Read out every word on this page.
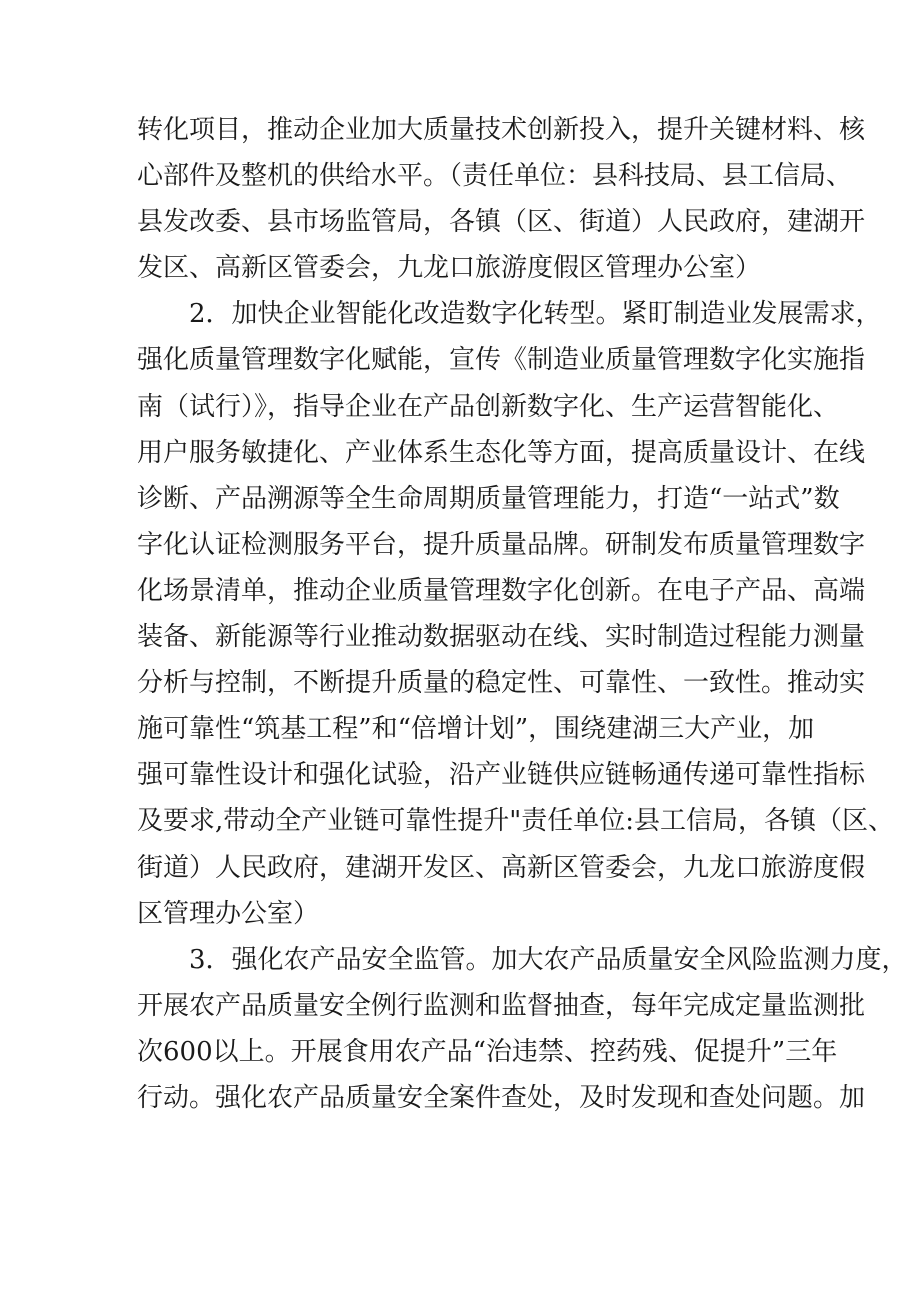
转化项目，推动企业加大质量技术创新投入，提升关键材料、核
心部件及整机的供给水平。（责任单位：县科技局、县工信局、
县发改委、县市场监管局，各镇（区、街道）人民政府，建湖开
发区、高新区管委会，九龙口旅游度假区管理办公室）
2．加快企业智能化改造数字化转型。紧盯制造业发展需求，
强化质量管理数字化赋能，宣传《制造业质量管理数字化实施指
南（试行）》，指导企业在产品创新数字化、生产运营智能化、
用户服务敏捷化、产业体系生态化等方面，提高质量设计、在线
诊断、产品溯源等全生命周期质量管理能力，打造“一站式”数
字化认证检测服务平台，提升质量品牌。研制发布质量管理数字
化场景清单，推动企业质量管理数字化创新。在电子产品、高端
装备、新能源等行业推动数据驱动在线、实时制造过程能力测量
分析与控制，不断提升质量的稳定性、可靠性、一致性。推动实
施可靠性“筑基工程”和“倍增计划”，围绕建湖三大产业，加
强可靠性设计和强化试验，沿产业链供应链畅通传递可靠性指标
及要求,带动全产业链可靠性提升"责任单位:县工信局，各镇（区、
街道）人民政府，建湖开发区、高新区管委会，九龙口旅游度假
区管理办公室）
3．强化农产品安全监管。加大农产品质量安全风险监测力度，
开展农产品质量安全例行监测和监督抽查，每年完成定量监测批
次600以上。开展食用农产品“治违禁、控药残、促提升”三年
行动。强化农产品质量安全案件查处，及时发现和查处问题。加
